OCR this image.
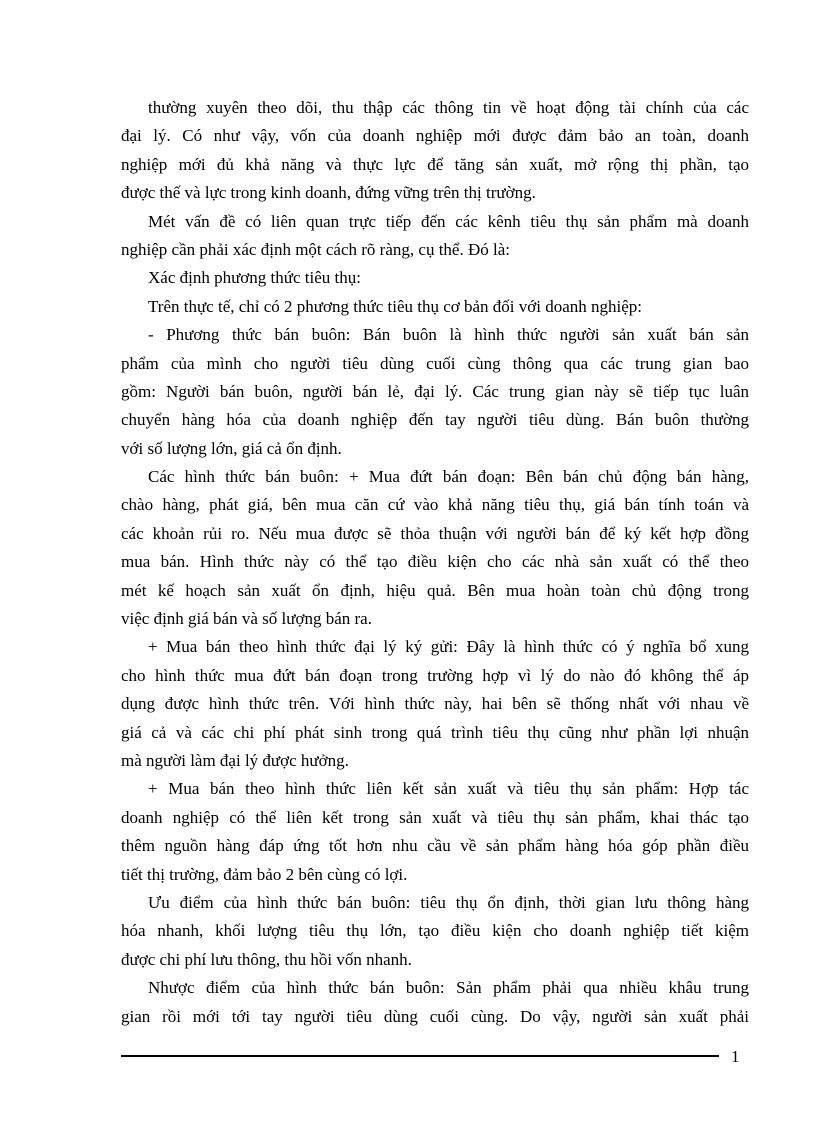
thường xuyên theo dõi, thu thập các thông tin về hoạt động tài chính của các
đại lý. Có như vậy, vốn của doanh nghiệp mới được đảm bảo an toàn, doanh
nghiệp mới đủ khả năng và thực lực để tăng sản xuất, mở rộng thị phần, tạo
được thế và lực trong kinh doanh, đứng vững trên thị trường.
Mét vấn đề có liên quan trực tiếp đến các kênh tiêu thụ sản phẩm mà doanh
nghiệp cần phải xác định một cách rõ ràng, cụ thể. Đó là:
Xác định phương thức tiêu thụ:
Trên thực tế, chỉ có 2 phương thức tiêu thụ cơ bản đối với doanh nghiệp:
- Phương thức bán buôn: Bán buôn là hình thức người sản xuất bán sản
phẩm của mình cho người tiêu dùng cuối cùng thông qua các trung gian bao
gồm: Người bán buôn, người bán lẻ, đại lý. Các trung gian này sẽ tiếp tục luân
chuyển hàng hóa của doanh nghiệp đến tay người tiêu dùng. Bán buôn thường
với số lượng lớn, giá cả ổn định.
Các hình thức bán buôn: + Mua đứt bán đoạn: Bên bán chủ động bán hàng,
chào hàng, phát giá, bên mua căn cứ vào khả năng tiêu thụ, giá bán tính toán và
các khoản rủi ro. Nếu mua được sẽ thỏa thuận với người bán để ký kết hợp đồng
mua bán. Hình thức này có thể tạo điều kiện cho các nhà sản xuất có thể theo
mét kế hoạch sản xuất ổn định, hiệu quả. Bên mua hoàn toàn chủ động trong
việc định giá bán và số lượng bán ra.
+ Mua bán theo hình thức đại lý ký gửi: Đây là hình thức có ý nghĩa bổ xung
cho hình thức mua đứt bán đoạn trong trường hợp vì lý do nào đó không thể áp
dụng được hình thức trên. Với hình thức này, hai bên sẽ thống nhất với nhau về
giá cả và các chi phí phát sinh trong quá trình tiêu thụ cũng như phần lợi nhuận
mà người làm đại lý được hưởng.
+ Mua bán theo hình thức liên kết sản xuất và tiêu thụ sản phẩm: Hợp tác
doanh nghiệp có thể liên kết trong sản xuất và tiêu thụ sản phẩm, khai thác tạo
thêm nguồn hàng đáp ứng tốt hơn nhu cầu về sản phẩm hàng hóa góp phần điều
tiết thị trường, đảm bảo 2 bên cùng có lợi.
Ưu điểm của hình thức bán buôn: tiêu thụ ổn định, thời gian lưu thông hàng
hóa nhanh, khối lượng tiêu thụ lớn, tạo điều kiện cho doanh nghiệp tiết kiệm
được chi phí lưu thông, thu hồi vốn nhanh.
Nhược điểm của hình thức bán buôn: Sản phẩm phải qua nhiều khâu trung
gian rồi mới tới tay người tiêu dùng cuối cùng. Do vậy, người sản xuất phải
1
